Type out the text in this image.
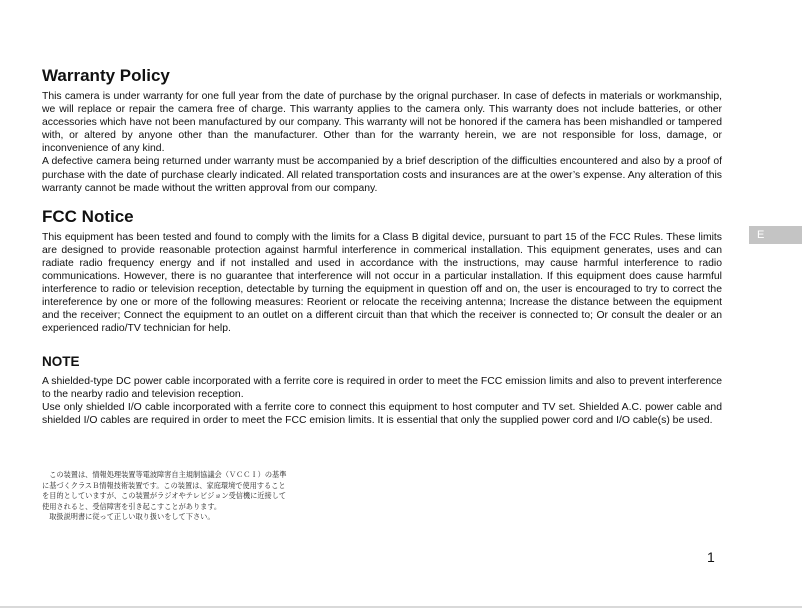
Warranty Policy

This camera is under warranty for one full year from the date of purchase by the orignal purchaser. In case of defects in materials or workmanship, we will replace or repair the camera free of charge. This warranty applies to the camera only. This warranty does not include batteries, or other accessories which have not been manufactured by our company. This warranty will not be honored if the camera has been mishandled or tampered with, or altered by anyone other than the manufacturer. Other than for the warranty herein, we are not responsible for loss, damage, or inconvenience of any kind.

A defective camera being returned under warranty must be accompanied by a brief description of the difficulties encountered and also by a proof of purchase with the date of purchase clearly indicated. All related transportation costs and insurances are at the ower’s expense. Any alteration of this warranty cannot be made without the written approval from our company.

FCC Notice

This equipment has been tested and found to comply with the limits for a Class B digital device, pursuant to part 15 of the FCC Rules. These limits are designed to provide reasonable protection against harmful interference in commerical installation. This equipment generates, uses and can radiate radio frequency energy and if not installed and used in accordance with the instructions, may cause harmful interference to radio communications. However, there is no guarantee that interference will not occur in a particular installation. If this equipment does cause harmful interference to radio or television reception, detectable by turning the equipment in question off and on, the user is encouraged to try to correct the intereference by one or more of the following measures: Reorient or relocate the receiving antenna; Increase the distance between the equipment and the receiver; Connect the equipment to an outlet on a different circuit than that which the receiver is connected to; Or consult the dealer or an experienced radio/TV technician for help.

NOTE

A shielded-type DC power cable incorporated with a ferrite core is required in order to meet the FCC emission limits and also to prevent interference to the nearby radio and television reception.

Use only shielded I/O cable incorporated with a ferrite core to connect this equipment to host computer and TV set. Shielded A.C. power cable and shielded I/O cables are required in order to meet the FCC emision limits. It is essential that only the supplied power cord and I/O cable(s) be used.

　この装置は、情報処理装置等電波障害自主規制協議会（ＶＣＣＩ）の基準
に基づくクラスＢ情報技術装置です。この装置は、家庭環境で使用すること
を目的としていますが、この装置がラジオやテレビジョン受信機に近接して
使用されると、受信障害を引き起こすことがあります。
　取扱説明書に従って正しい取り扱いをして下さい。
E
1
